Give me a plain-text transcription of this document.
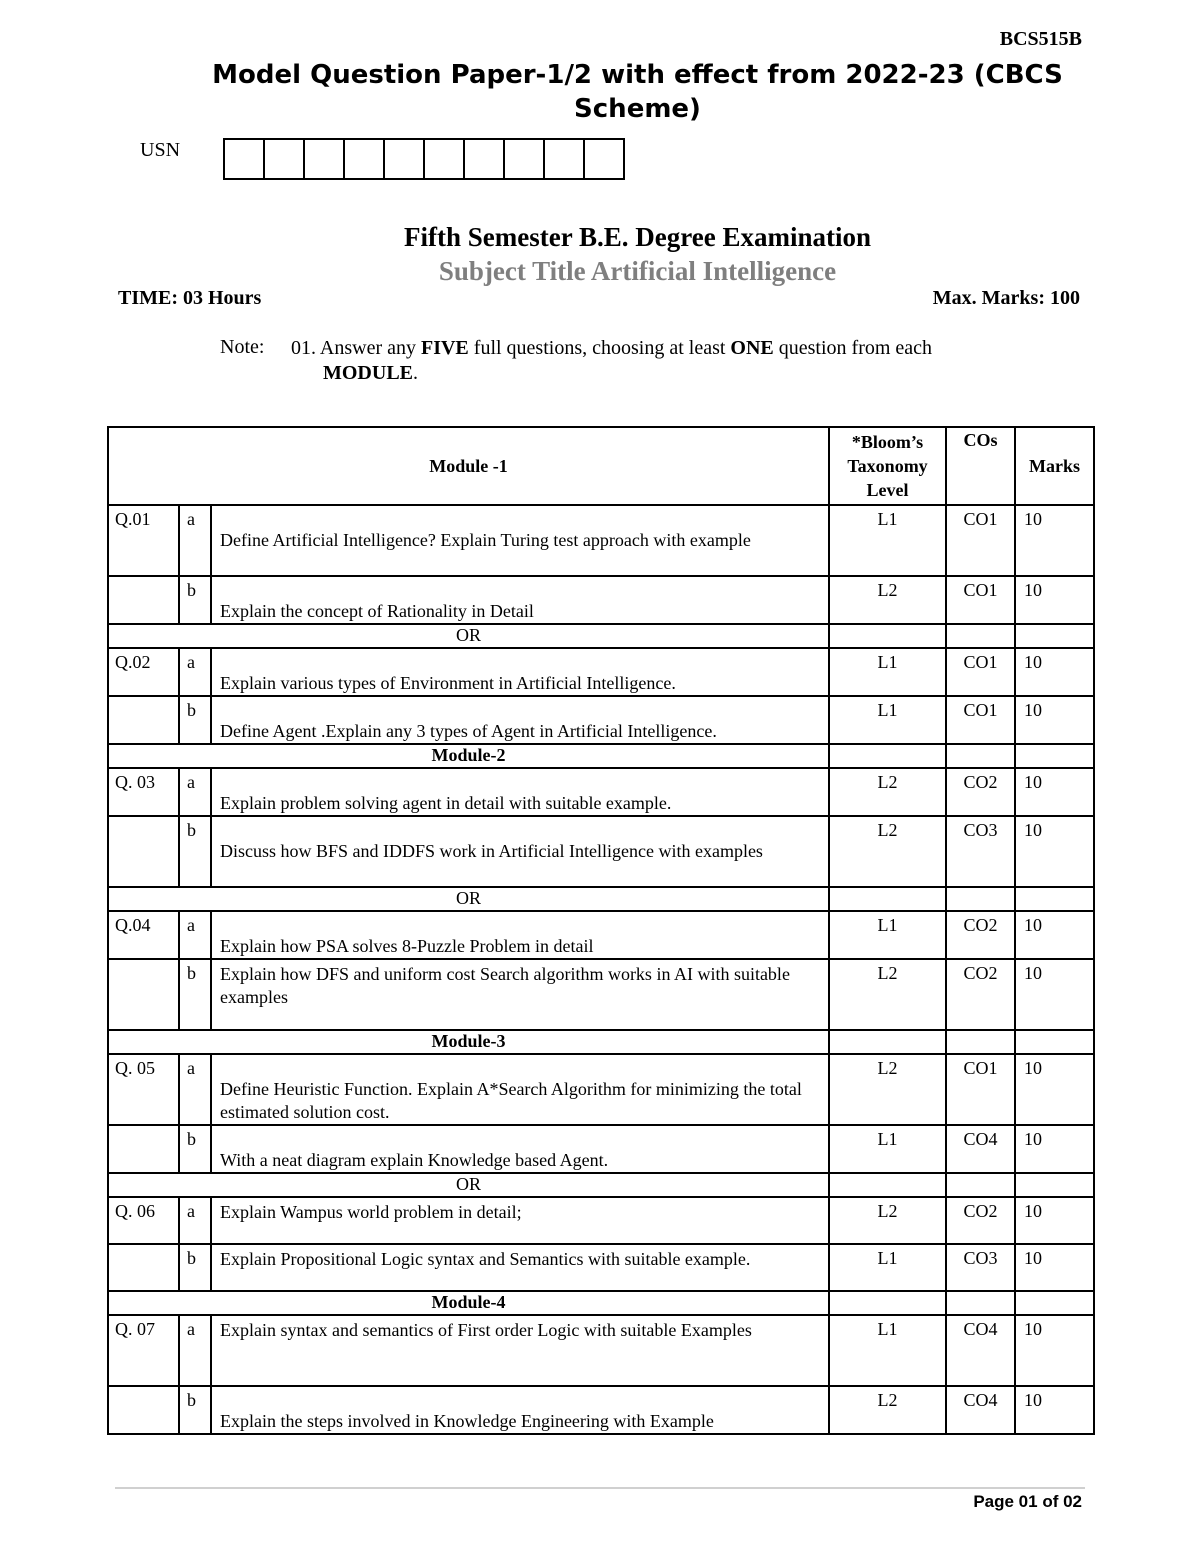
BCS515B
Model Question Paper-1/2 with effect from 2022-23 (CBCS
Scheme)
USN
Fifth Semester B.E. Degree Examination
Subject Title Artificial Intelligence
TIME: 03 Hours	Max. Marks: 100
Note: 01. Answer any FIVE full questions, choosing at least ONE question from each
MODULE.
Module -1			*Bloom’s Taxonomy Level	COs	Marks
Q.01	a	Define Artificial Intelligence? Explain Turing test approach with example	L1	CO1	10
	b	Explain the concept of Rationality in Detail	L2	CO1	10
OR					
Q.02	a	Explain various types of Environment in Artificial Intelligence.	L1	CO1	10
	b	Define Agent .Explain any 3 types of Agent in Artificial Intelligence.	L1	CO1	10
Module-2					
Q. 03	a	Explain problem solving agent in detail with suitable example.	L2	CO2	10
	b	Discuss how BFS and IDDFS work in Artificial Intelligence with examples	L2	CO3	10
OR					
Q.04	a	Explain how PSA solves 8-Puzzle Problem in detail	L1	CO2	10
	b	Explain how DFS and uniform cost Search algorithm works in AI with suitable examples	L2	CO2	10
Module-3					
Q. 05	a	Define Heuristic Function. Explain A*Search Algorithm for minimizing the total estimated solution cost.	L2	CO1	10
	b	With a neat diagram explain Knowledge based Agent.	L1	CO4	10
OR					
Q. 06	a	Explain Wampus world problem in detail;	L2	CO2	10
	b	Explain Propositional Logic syntax and Semantics with suitable example.	L1	CO3	10
Module-4					
Q. 07	a	Explain syntax and semantics of First order Logic with suitable Examples	L1	CO4	10
	b	Explain the steps involved in Knowledge Engineering with Example	L2	CO4	10
Page 01 of 02
